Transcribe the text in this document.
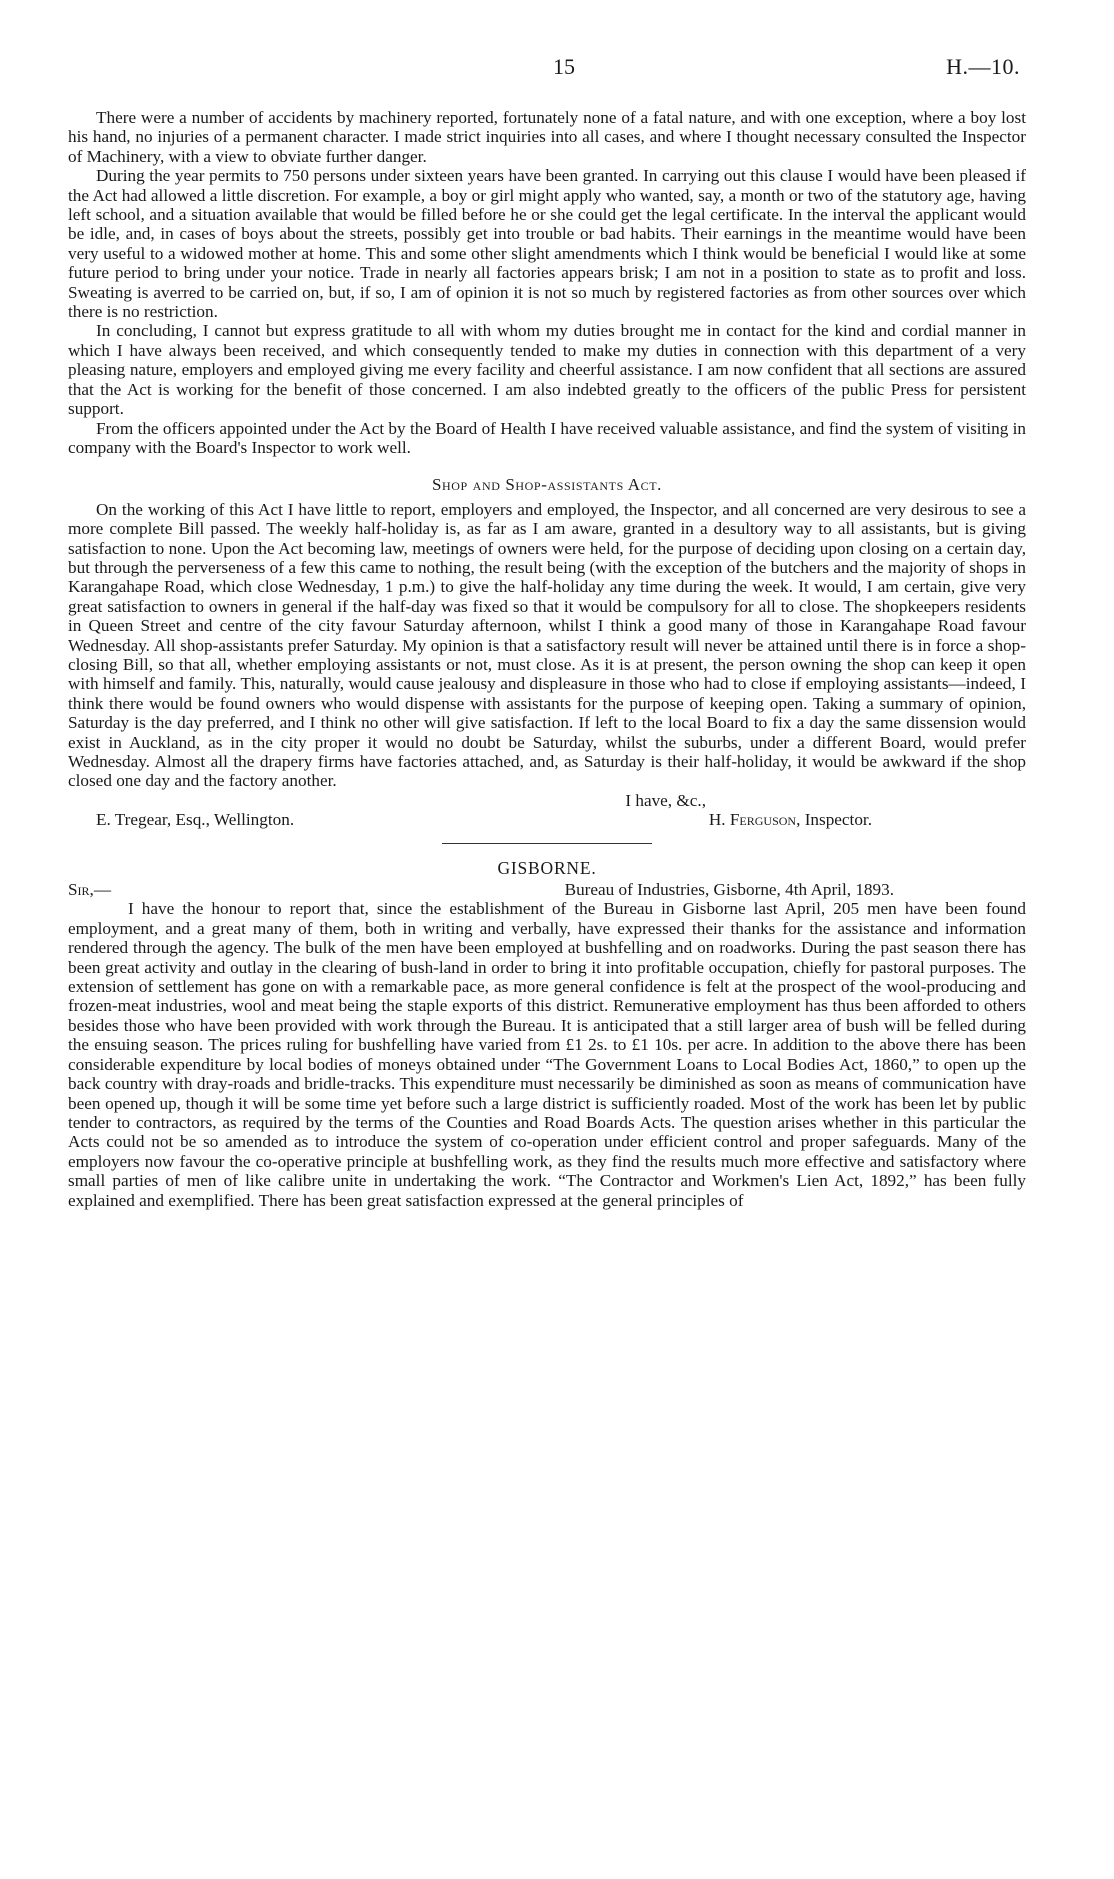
15	H.—10.

There were a number of accidents by machinery reported, fortunately none of a fatal nature, and with one exception, where a boy lost his hand, no injuries of a permanent character. I made strict inquiries into all cases, and where I thought necessary consulted the Inspector of Machinery, with a view to obviate further danger.

During the year permits to 750 persons under sixteen years have been granted. In carrying out this clause I would have been pleased if the Act had allowed a little discretion. For example, a boy or girl might apply who wanted, say, a month or two of the statutory age, having left school, and a situation available that would be filled before he or she could get the legal certificate. In the interval the applicant would be idle, and, in cases of boys about the streets, possibly get into trouble or bad habits. Their earnings in the meantime would have been very useful to a widowed mother at home. This and some other slight amendments which I think would be beneficial I would like at some future period to bring under your notice. Trade in nearly all factories appears brisk; I am not in a position to state as to profit and loss. Sweating is averred to be carried on, but, if so, I am of opinion it is not so much by registered factories as from other sources over which there is no restriction.

In concluding, I cannot but express gratitude to all with whom my duties brought me in contact for the kind and cordial manner in which I have always been received, and which consequently tended to make my duties in connection with this department of a very pleasing nature, employers and employed giving me every facility and cheerful assistance. I am now confident that all sections are assured that the Act is working for the benefit of those concerned. I am also indebted greatly to the officers of the public Press for persistent support.

From the officers appointed under the Act by the Board of Health I have received valuable assistance, and find the system of visiting in company with the Board's Inspector to work well.

Shop and Shop-assistants Act.

On the working of this Act I have little to report, employers and employed, the Inspector, and all concerned are very desirous to see a more complete Bill passed. The weekly half-holiday is, as far as I am aware, granted in a desultory way to all assistants, but is giving satisfaction to none. Upon the Act becoming law, meetings of owners were held, for the purpose of deciding upon closing on a certain day, but through the perverseness of a few this came to nothing, the result being (with the exception of the butchers and the majority of shops in Karangahape Road, which close Wednesday, 1 p.m.) to give the half-holiday any time during the week. It would, I am certain, give very great satisfaction to owners in general if the half-day was fixed so that it would be compulsory for all to close. The shopkeepers residents in Queen Street and centre of the city favour Saturday afternoon, whilst I think a good many of those in Karangahape Road favour Wednesday. All shop-assistants prefer Saturday. My opinion is that a satisfactory result will never be attained until there is in force a shop-closing Bill, so that all, whether employing assistants or not, must close. As it is at present, the person owning the shop can keep it open with himself and family. This, naturally, would cause jealousy and displeasure in those who had to close if employing assistants—indeed, I think there would be found owners who would dispense with assistants for the purpose of keeping open. Taking a summary of opinion, Saturday is the day preferred, and I think no other will give satisfaction. If left to the local Board to fix a day the same dissension would exist in Auckland, as in the city proper it would no doubt be Saturday, whilst the suburbs, under a different Board, would prefer Wednesday. Almost all the drapery firms have factories attached, and, as Saturday is their half-holiday, it would be awkward if the shop closed one day and the factory another.

I have, &c.,
E. Tregear, Esq., Wellington.	H. Ferguson, Inspector.
GISBORNE.
Sir,—	Bureau of Industries, Gisborne, 4th April, 1893.

I have the honour to report that, since the establishment of the Bureau in Gisborne last April, 205 men have been found employment, and a great many of them, both in writing and verbally, have expressed their thanks for the assistance and information rendered through the agency. The bulk of the men have been employed at bushfelling and on roadworks. During the past season there has been great activity and outlay in the clearing of bush-land in order to bring it into profitable occupation, chiefly for pastoral purposes. The extension of settlement has gone on with a remarkable pace, as more general confidence is felt at the prospect of the wool-producing and frozen-meat industries, wool and meat being the staple exports of this district. Remunerative employment has thus been afforded to others besides those who have been provided with work through the Bureau. It is anticipated that a still larger area of bush will be felled during the ensuing season. The prices ruling for bushfelling have varied from £1 2s. to £1 10s. per acre. In addition to the above there has been considerable expenditure by local bodies of moneys obtained under “The Government Loans to Local Bodies Act, 1860,” to open up the back country with dray-roads and bridle-tracks. This expenditure must necessarily be diminished as soon as means of communication have been opened up, though it will be some time yet before such a large district is sufficiently roaded. Most of the work has been let by public tender to contractors, as required by the terms of the Counties and Road Boards Acts. The question arises whether in this particular the Acts could not be so amended as to introduce the system of co-operation under efficient control and proper safeguards. Many of the employers now favour the co-operative principle at bushfelling work, as they find the results much more effective and satisfactory where small parties of men of like calibre unite in undertaking the work. “The Contractor and Workmen's Lien Act, 1892,” has been fully explained and exemplified. There has been great satisfaction expressed at the general principles of
